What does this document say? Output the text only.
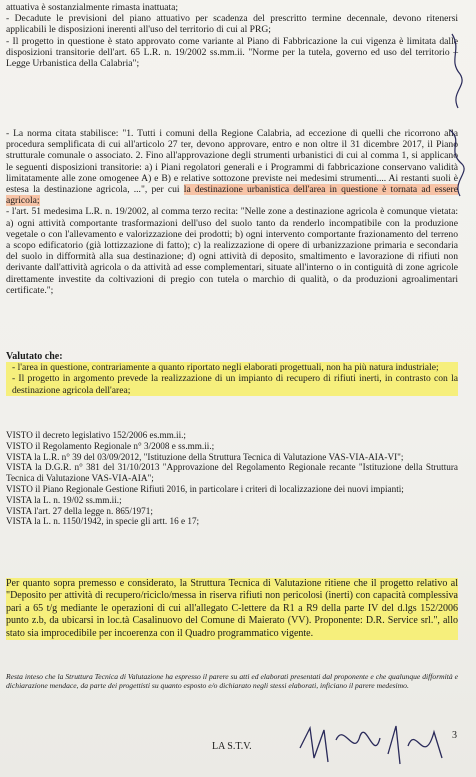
attuativa è sostanzialmente rimasta inattuata;

- Decadute le previsioni del piano attuativo per scadenza del prescritto termine decennale, devono ritenersi applicabili le disposizioni inerenti all'uso del territorio di cui al PRG;

- Il progetto in questione è stato approvato come variante al Piano di Fabbricazione la cui vigenza è limitata dalle disposizioni transitorie dell'art. 65 L.R. n. 19/2002 ss.mm.ii. "Norme per la tutela, governo ed uso del territorio – Legge Urbanistica della Calabria";

- La norma citata stabilisce: "1. Tutti i comuni della Regione Calabria, ad eccezione di quelli che ricorrono alla procedura semplificata di cui all'articolo 27 ter, devono approvare, entro e non oltre il 31 dicembre 2017, il Piano strutturale comunale o associato. 2. Fino all'approvazione degli strumenti urbanistici di cui al comma 1, si applicano le seguenti disposizioni transitorie: a) i Piani regolatori generali e i Programmi di fabbricazione conservano validità limitatamente alle zone omogenee A) e B) e relative sottozone previste nei medesimi strumenti.... Ai restanti suoli è estesa la destinazione agricola, ...", per cui la destinazione urbanistica dell'area in questione è tornata ad essere agricola;

- l'art. 51 medesima L.R. n. 19/2002, al comma terzo recita: "Nelle zone a destinazione agricola è comunque vietata: a) ogni attività comportante trasformazioni dell'uso del suolo tanto da renderlo incompatibile con la produzione vegetale o con l'allevamento e valorizzazione dei prodotti; b) ogni intervento comportante frazionamento del terreno a scopo edificatorio (già lottizzazione di fatto); c) la realizzazione di opere di urbanizzazione primaria e secondaria del suolo in difformità alla sua destinazione; d) ogni attività di deposito, smaltimento e lavorazione di rifiuti non derivante dall'attività agricola o da attività ad esse complementari, situate all'interno o in contiguità di zone agricole direttamente investite da coltivazioni di pregio con tutela o marchio di qualità, o da produzioni agroalimentari certificate.";

Valutato che:

- l'area in questione, contrariamente a quanto riportato negli elaborati progettuali, non ha più natura industriale;

- Il progetto in argomento prevede la realizzazione di un impianto di recupero di rifiuti inerti, in contrasto con la destinazione agricola dell'area;

VISTO il decreto legislativo 152/2006 es.mm.ii.;

VISTO il Regolamento Regionale n° 3/2008 e ss.mm.ii.;

VISTA la L.R. n° 39 del 03/09/2012, "Istituzione della Struttura Tecnica di Valutazione VAS-VIA-AIA-VI";

VISTA la D.G.R. n° 381 del 31/10/2013 "Approvazione del Regolamento Regionale recante "Istituzione della Struttura Tecnica di Valutazione VAS-VIA-AIA";

VISTO il Piano Regionale Gestione Rifiuti 2016, in particolare i criteri di localizzazione dei nuovi impianti;

VISTA la L. n. 19/02 ss.mm.ii.;

VISTA l'art. 27 della legge n. 865/1971;

VISTA la L. n. 1150/1942, in specie gli artt. 16 e 17;

Per quanto sopra premesso e considerato, la Struttura Tecnica di Valutazione ritiene che il progetto relativo al "Deposito per attività di recupero/riciclo/messa in riserva rifiuti non pericolosi (inerti) con capacità complessiva pari a 65 t/g mediante le operazioni di cui all'allegato C-lettere da R1 a R9 della parte IV del d.lgs 152/2006 punto z.b, da ubicarsi in loc.tà Casalinuovo del Comune di Maierato (VV). Proponente: D.R. Service srl.", allo stato sia improcedibile per incoerenza con il Quadro programmatico vigente.

Resta inteso che la Struttura Tecnica di Valutazione ha espresso il parere su atti ed elaborati presentati dal proponente e che qualunque difformità e dichiarazione mendace, da parte dei progettisti su quanto esposto e/o dichiarato negli stessi elaborati, inficiano il parere medesimo.

LA S.T.V.
3
